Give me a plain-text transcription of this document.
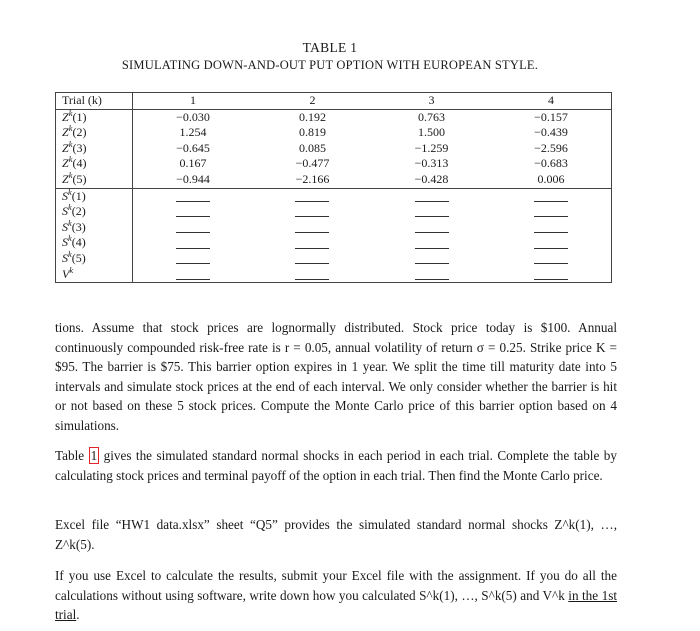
TABLE 1
SIMULATING DOWN-AND-OUT PUT OPTION WITH EUROPEAN STYLE.
Trial (k)	1	2	3	4
$Z^k(1)$	−0.030	0.192	0.763	−0.157
$Z^k(2)$	1.254	0.819	1.500	−0.439
$Z^k(3)$	−0.645	0.085	−1.259	−2.596
$Z^k(4)$	0.167	−0.477	−0.313	−0.683
$Z^k(5)$	−0.944	−2.166	−0.428	0.006
$S^k(1)$				
$S^k(2)$				
$S^k(3)$				
$S^k(4)$				
$S^k(5)$				
$V^k$				

tions. Assume that stock prices are lognormally distributed. Stock price today is $100. Annual continuously compounded risk-free rate is r = 0.05, annual volatility of return σ = 0.25. Strike price K = $95. The barrier is $75. This barrier option expires in 1 year. We split the time till maturity date into 5 intervals and simulate stock prices at the end of each interval. We only consider whether the barrier is hit or not based on these 5 stock prices. Compute the Monte Carlo price of this barrier option based on 4 simulations.

Table 1 gives the simulated standard normal shocks in each period in each trial. Complete the table by calculating stock prices and terminal payoff of the option in each trial. Then find the Monte Carlo price.

Excel file “HW1 data.xlsx” sheet “Q5” provides the simulated standard normal shocks Z^k(1), …, Z^k(5).

If you use Excel to calculate the results, submit your Excel file with the assignment. If you do all the calculations without using software, write down how you calculated S^k(1), …, S^k(5) and V^k in the 1st trial.
